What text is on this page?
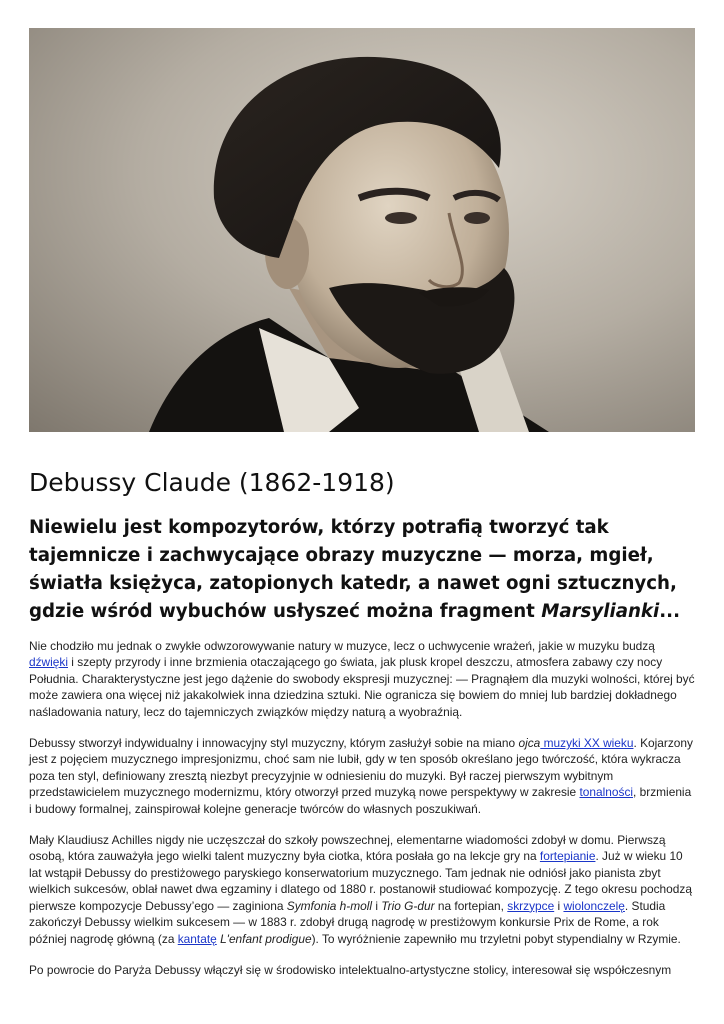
Debussy Claude (1862-1918)
Niewielu jest kompozytorów, którzy potrafią tworzyć tak tajemnicze i zachwycające obrazy muzyczne — morza, mgieł, światła księżyca, zatopionych katedr, a nawet ogni sztucznych, gdzie wśród wybuchów usłyszeć można fragment Marsylianki...

Nie chodziło mu jednak o zwykłe odwzorowywanie natury w muzyce, lecz o uchwycenie wrażeń, jakie w muzyku budzą dźwięki i szepty przyrody i inne brzmienia otaczającego go świata, jak plusk kropel deszczu, atmosfera zabawy czy nocy Południa. Charakterystyczne jest jego dążenie do swobody ekspresji muzycznej: — Pragnąłem dla muzyki wolności, której być może zawiera ona więcej niż jakakolwiek inna dziedzina sztuki. Nie ogranicza się bowiem do mniej lub bardziej dokładnego naśladowania natury, lecz do tajemniczych związków między naturą a wyobraźnią.

Debussy stworzył indywidualny i innowacyjny styl muzyczny, którym zasłużył sobie na miano ojca muzyki XX wieku. Kojarzony jest z pojęciem muzycznego impresjonizmu, choć sam nie lubił, gdy w ten sposób określano jego twórczość, która wykracza poza ten styl, definiowany zresztą niezbyt precyzyjnie w odniesieniu do muzyki. Był raczej pierwszym wybitnym przedstawicielem muzycznego modernizmu, który otworzył przed muzyką nowe perspektywy w zakresie tonalności, brzmienia i budowy formalnej, zainspirował kolejne generacje twórców do własnych poszukiwań.

Mały Klaudiusz Achilles nigdy nie uczęszczał do szkoły powszechnej, elementarne wiadomości zdobył w domu. Pierwszą osobą, która zauważyła jego wielki talent muzyczny była ciotka, która posłała go na lekcje gry na fortepianie. Już w wieku 10 lat wstąpił Debussy do prestiżowego paryskiego konserwatorium muzycznego. Tam jednak nie odniósł jako pianista zbyt wielkich sukcesów, oblał nawet dwa egzaminy i dlatego od 1880 r. postanowił studiować kompozycję. Z tego okresu pochodzą pierwsze kompozycje Debussy’ego — zaginiona Symfonia h-moll i Trio G-dur na fortepian, skrzypce i wiolonczelę. Studia zakończył Debussy wielkim sukcesem — w 1883 r. zdobył drugą nagrodę w prestiżowym konkursie Prix de Rome, a rok później nagrodę główną (za kantatę L'enfant prodigue). To wyróżnienie zapewniło mu trzyletni pobyt stypendialny w Rzymie.

Po powrocie do Paryża Debussy włączył się w środowisko intelektualno-artystyczne stolicy, interesował się współczesnym
